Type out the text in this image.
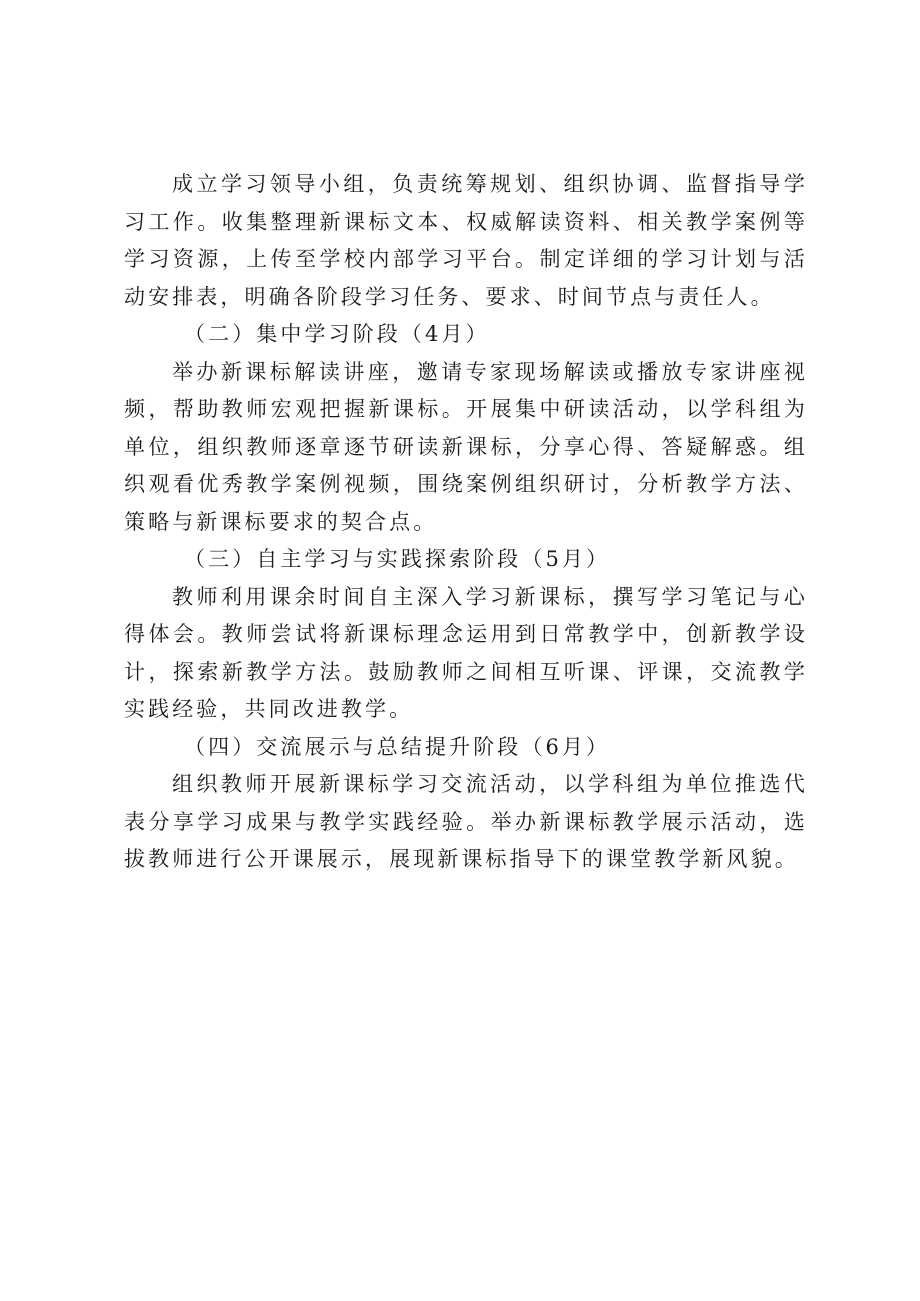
成立学习领导小组，负责统筹规划、组织协调、监督指导学习工作。收集整理新课标文本、权威解读资料、相关教学案例等学习资源，上传至学校内部学习平台。制定详细的学习计划与活动安排表，明确各阶段学习任务、要求、时间节点与责任人。

（二）集中学习阶段（4月）

举办新课标解读讲座，邀请专家现场解读或播放专家讲座视频，帮助教师宏观把握新课标。开展集中研读活动，以学科组为单位，组织教师逐章逐节研读新课标，分享心得、答疑解惑。组织观看优秀教学案例视频，围绕案例组织研讨，分析教学方法、策略与新课标要求的契合点。

（三）自主学习与实践探索阶段（5月）

教师利用课余时间自主深入学习新课标，撰写学习笔记与心得体会。教师尝试将新课标理念运用到日常教学中，创新教学设计，探索新教学方法。鼓励教师之间相互听课、评课，交流教学实践经验，共同改进教学。

（四）交流展示与总结提升阶段（6月）

组织教师开展新课标学习交流活动，以学科组为单位推选代表分享学习成果与教学实践经验。举办新课标教学展示活动，选拔教师进行公开课展示，展现新课标指导下的课堂教学新风貌。
